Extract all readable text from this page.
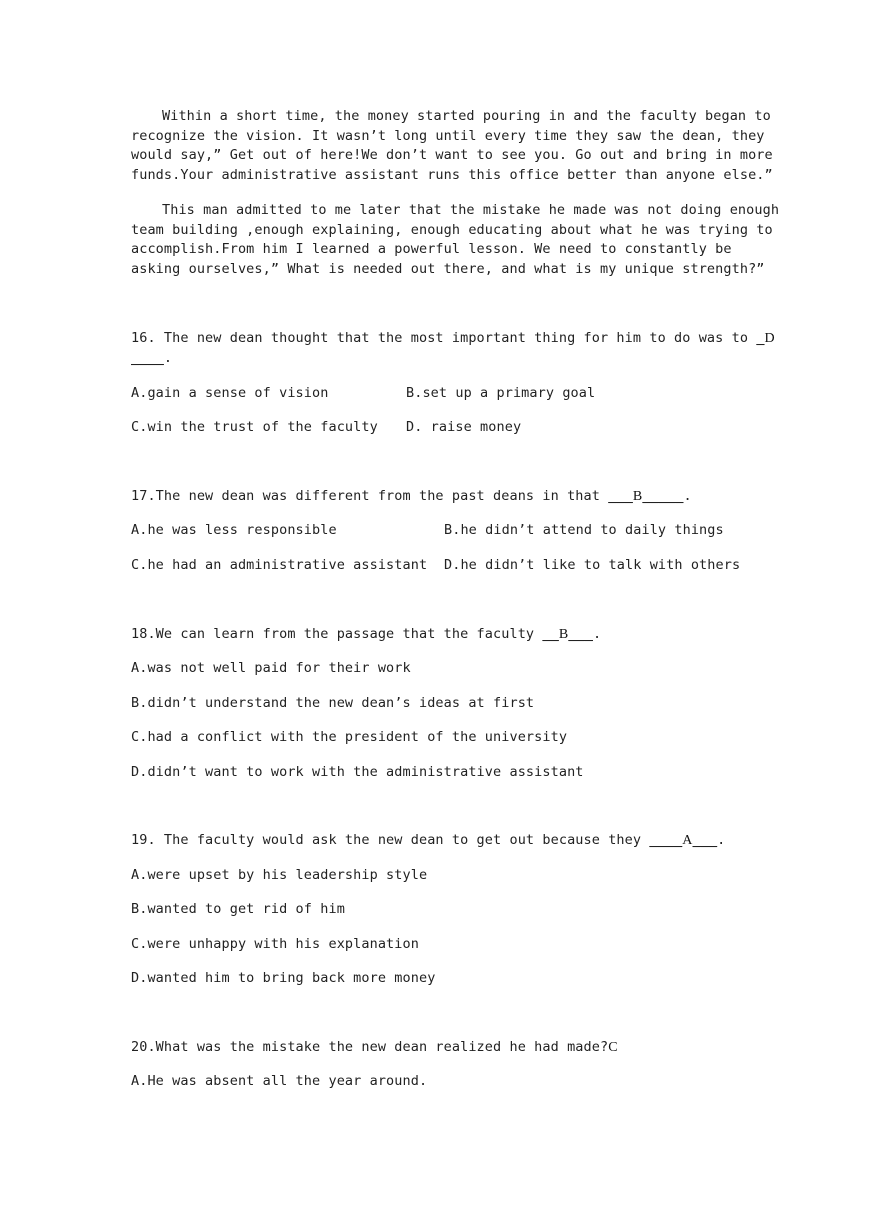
Within a short time, the money started pouring in and the faculty began to
recognize the vision. It wasn’t long until every time they saw the dean, they
would say,” Get out of here!We don’t want to see you. Go out and bring in more
funds.Your administrative assistant runs this office better than anyone else.”
This man admitted to me later that the mistake he made was not doing enough
team building ,enough explaining, enough educating about what he was trying to
accomplish.From him I learned a powerful lesson. We need to constantly be
asking ourselves,” What is needed out there, and what is my unique strength?”
16. The new dean thought that the most important thing for him to do was to _D
____.
A.gain a sense of vision	B.set up a primary goal
C.win the trust of the faculty D. raise money
17.The new dean was different from the past deans in that ___B_____.
A.he was less responsible	B.he didn’t attend to daily things
C.he had an administrative assistant D.he didn’t like to talk with others
18.We can learn from the passage that the faculty __B___.
A.was not well paid for their work
B.didn’t understand the new dean’s ideas at first
C.had a conflict with the president of the university
D.didn’t want to work with the administrative assistant
19. The faculty would ask the new dean to get out because they ____A___.
A.were upset by his leadership style
B.wanted to get rid of him
C.were unhappy with his explanation
D.wanted him to bring back more money
20.What was the mistake the new dean realized he had made?C
A.He was absent all the year around.
